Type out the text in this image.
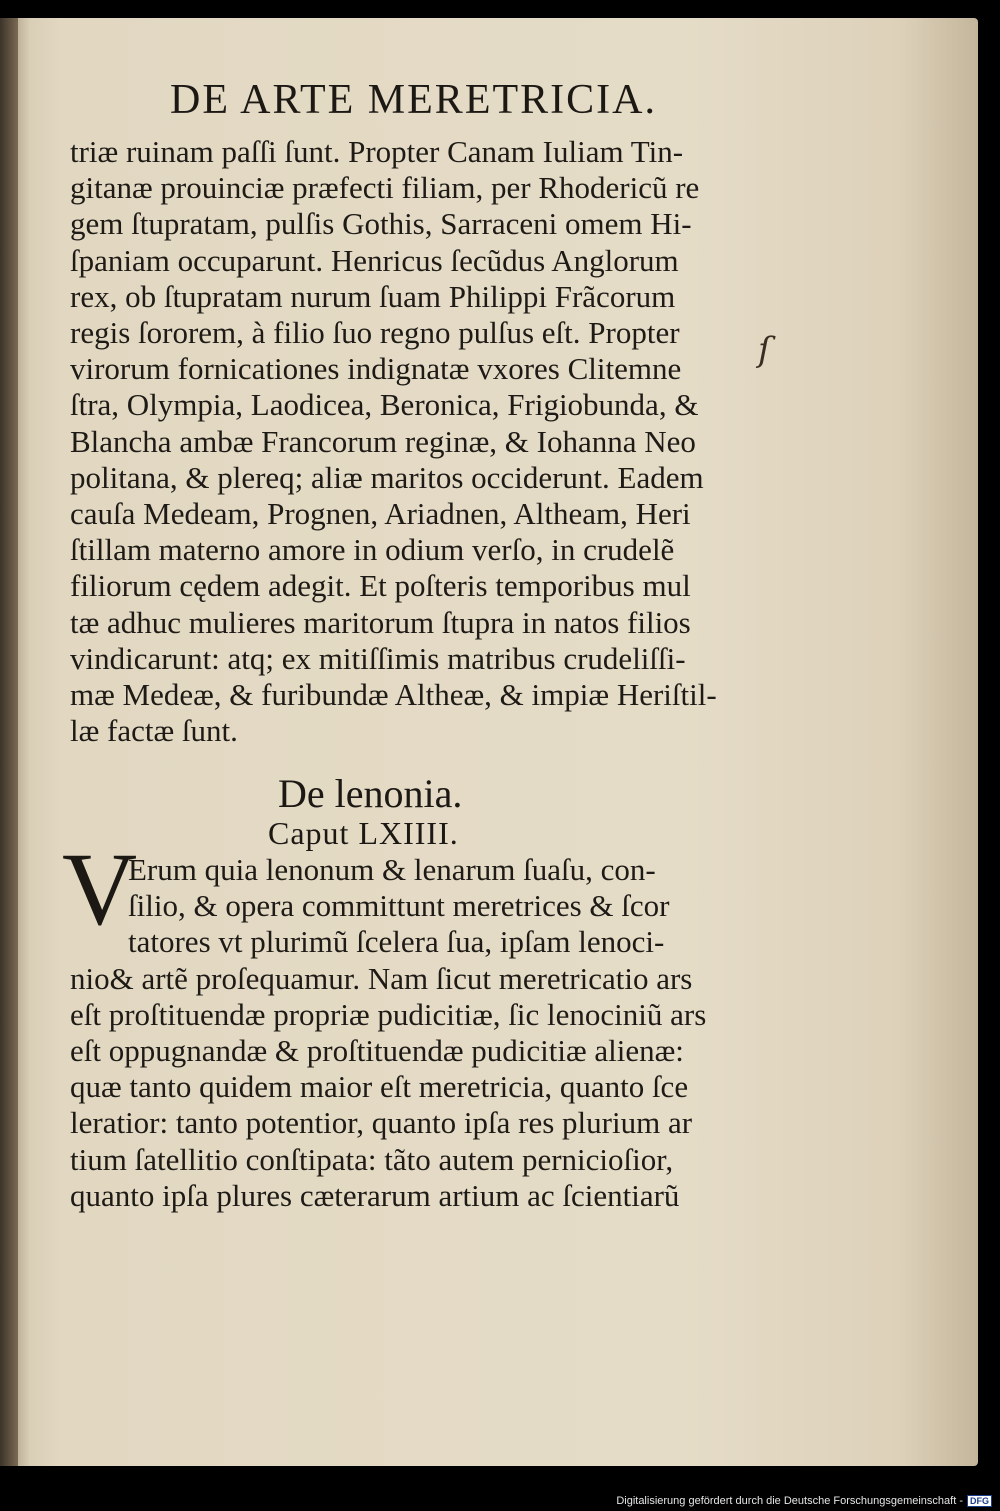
DE ARTE MERETRICIA.
triæ ruinam paſſi ſunt. Propter Canam Iuliam Tin-
gitanæ prouinciæ præfecti filiam, per Rhodericũ re
gem ſtupratam, pulſis Gothis, Sarraceni omem Hi-
ſpaniam occuparunt. Henricus ſecũdus Anglorum
rex, ob ſtupratam nurum ſuam Philippi Frãcorum
regis ſororem, à filio ſuo regno pulſus eſt. Propter
virorum fornicationes indignatæ vxores Clitemne
ſtra, Olympia, Laodicea, Beronica, Frigiobunda, &
Blancha ambæ Francorum reginæ, & Iohanna Neo
politana, & plereq; aliæ maritos occiderunt. Eadem
cauſa Medeam, Prognen, Ariadnen, Altheam, Heri
ſtillam materno amore in odium verſo, in crudelẽ
filiorum cędem adegit. Et poſteris temporibus mul
tæ adhuc mulieres maritorum ſtupra in natos filios
vindicarunt: atq; ex mitiſſimis matribus crudeliſſi-
mæ Medeæ, & furibundæ Altheæ, & impiæ Heriſtil-
læ factæ ſunt.
ſ
De lenonia.
Caput LXIIII.
V
Erum quia lenonum & lenarum ſuaſu, con-
ſilio, & opera committunt meretrices & ſcor
tatores vt plurimũ ſcelera ſua, ipſam lenoci-
nio& artẽ proſequamur. Nam ſicut meretricatio ars
eſt proſtituendæ propriæ pudicitiæ, ſic lenociniũ ars
eſt oppugnandæ & proſtituendæ pudicitiæ alienæ:
quæ tanto quidem maior eſt meretricia, quanto ſce
leratior: tanto potentior, quanto ipſa res plurium ar
tium ſatellitio conſtipata: tãto autem pernicioſior,
quanto ipſa plures cæterarum artium ac ſcientiarũ
Digitalisierung gefördert durch die Deutsche Forschungsgemeinschaft - DFG
